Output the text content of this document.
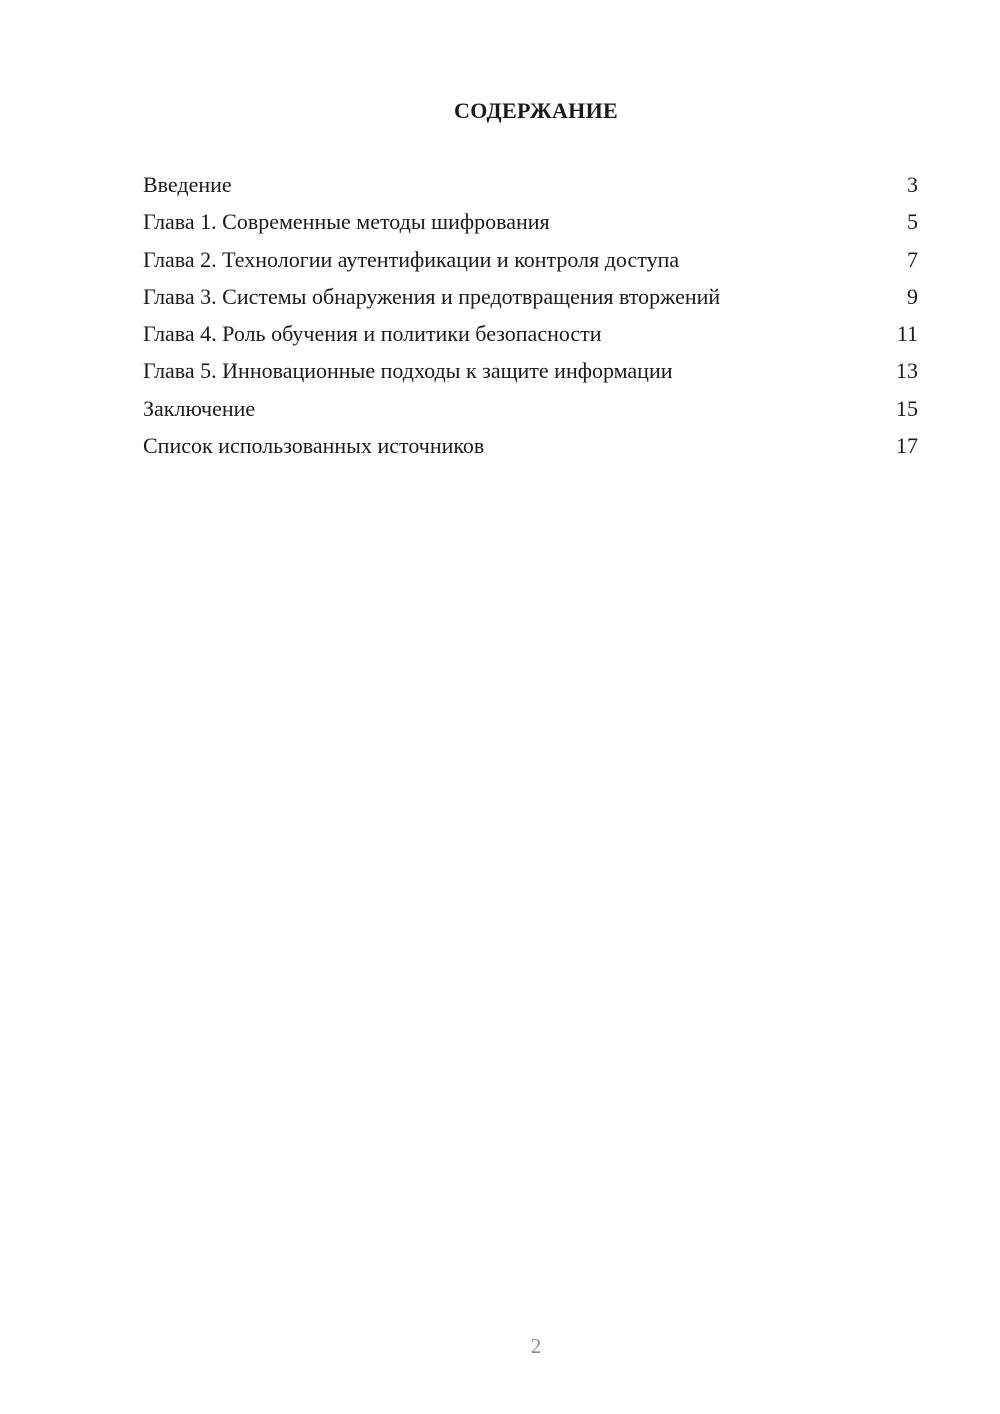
СОДЕРЖАНИЕ
Введение	3
Глава 1. Современные методы шифрования	5
Глава 2. Технологии аутентификации и контроля доступа	7
Глава 3. Системы обнаружения и предотвращения вторжений	9
Глава 4. Роль обучения и политики безопасности	11
Глава 5. Инновационные подходы к защите информации	13
Заключение	15
Список использованных источников	17
2
